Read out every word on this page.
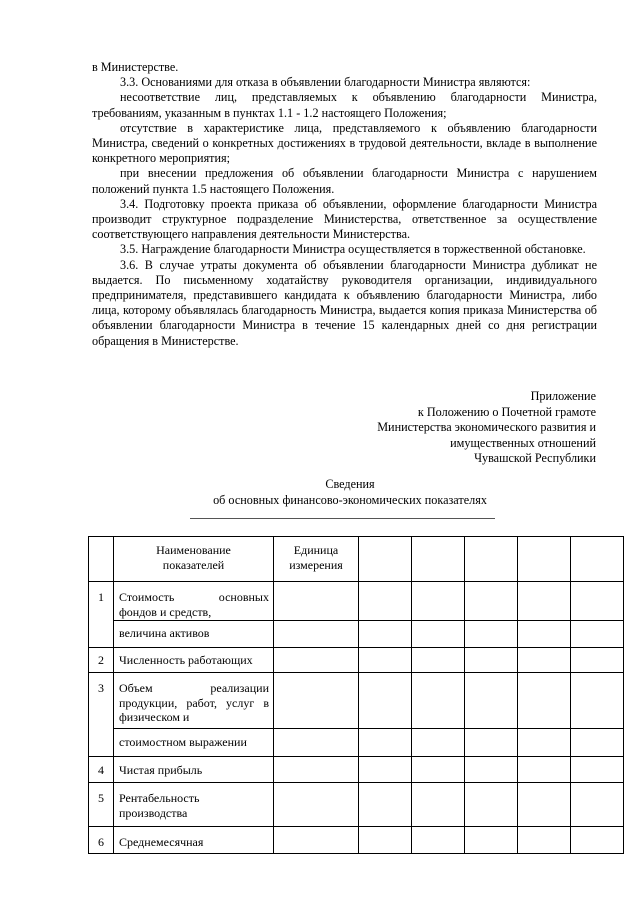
в Министерстве.

3.3. Основаниями для отказа в объявлении благодарности Министра являются:

несоответствие лиц, представляемых к объявлению благодарности Министра, требованиям, указанным в пунктах 1.1 - 1.2 настоящего Положения;

отсутствие в характеристике лица, представляемого к объявлению благодарности Министра, сведений о конкретных достижениях в трудовой деятельности, вкладе в выполнение конкретного мероприятия;

при внесении предложения об объявлении благодарности Министра с нарушением положений пункта 1.5 настоящего Положения.

3.4. Подготовку проекта приказа об объявлении, оформление благодарности Министра производит структурное подразделение Министерства, ответственное за осуществление соответствующего направления деятельности Министерства.

3.5. Награждение благодарности Министра осуществляется в торжественной обстановке.

3.6. В случае утраты документа об объявлении благодарности Министра дубликат не выдается. По письменному ходатайству руководителя организации, индивидуального предпринимателя, представившего кандидата к объявлению благодарности Министра, либо лица, которому объявлялась благодарность Министра, выдается копия приказа Министерства об объявлении благодарности Министра в течение 15 календарных дней со дня регистрации обращения в Министерстве.

Приложение
к Положению о Почетной грамоте
Министерства экономического развития и
имущественных отношений
Чувашской Республики
Сведения
об основных финансово-экономических показателях

	Наименование
показателей	Единица
измерения					

1	Стоимость основных
фондов и средств,						

	величина активов						

2	Численность работающих						

3	Объем реализации
продукции, работ, услуг в
физическом и						

	стоимостном выражении						

4	Чистая прибыль						

5	Рентабельность
производства						

6	Среднемесячная						
